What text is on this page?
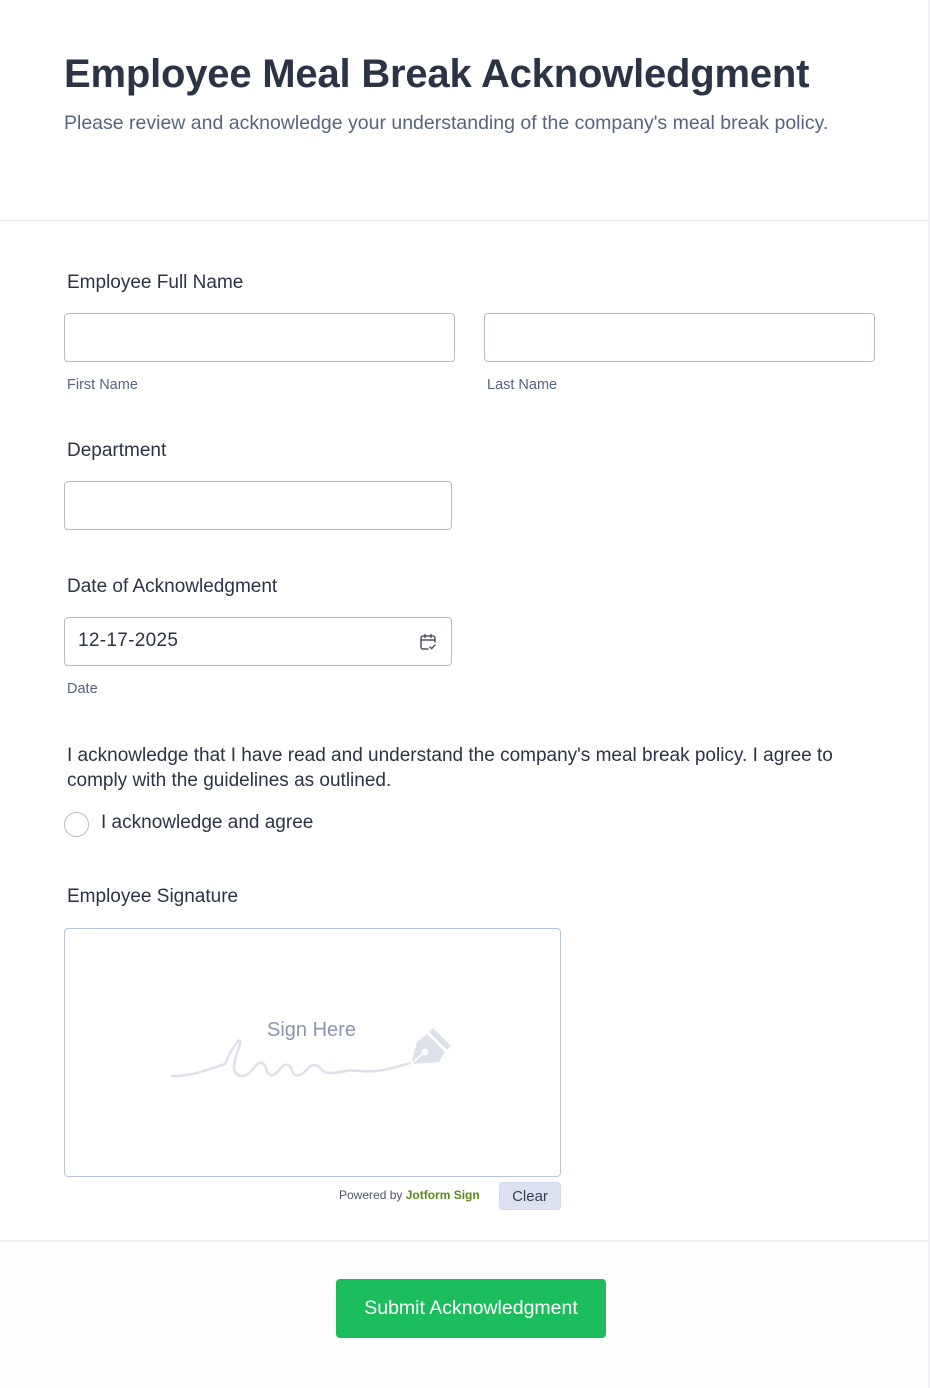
Employee Meal Break Acknowledgment

Please review and acknowledge your understanding of the company's meal break policy.

Employee Full Name
First Name	Last Name
Department
Date of Acknowledgment
12-17-2025
Date
I acknowledge that I have read and understand the company's meal break policy. I agree to comply with the guidelines as outlined.
I acknowledge and agree
Employee Signature
Sign Here
Powered by Jotform Sign	Clear
Submit Acknowledgment
